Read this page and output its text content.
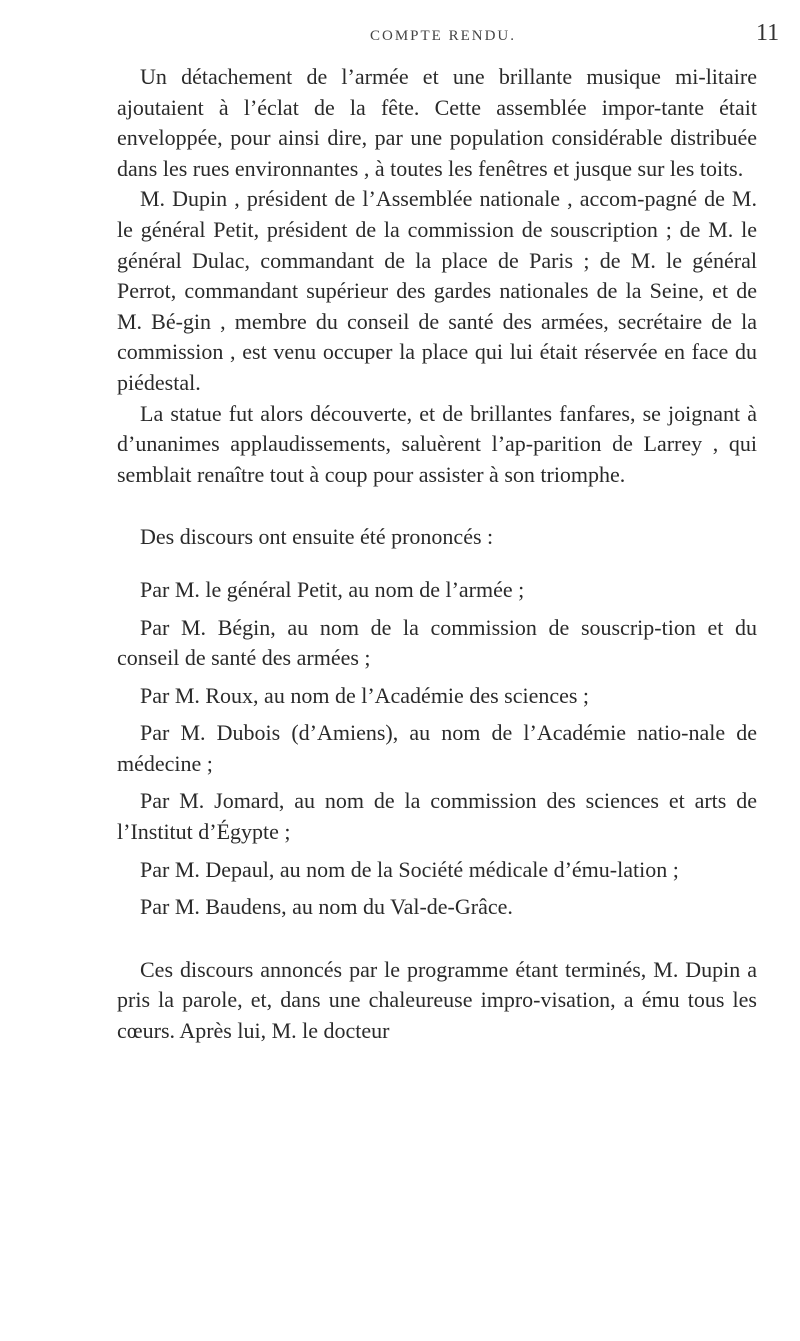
COMPTE RENDU.	11

Un détachement de l’armée et une brillante musique mi-litaire ajoutaient à l’éclat de la fête. Cette assemblée impor-tante était enveloppée, pour ainsi dire, par une population considérable distribuée dans les rues environnantes , à toutes les fenêtres et jusque sur les toits.

M. Dupin , président de l’Assemblée nationale , accom-pagné de M. le général Petit, président de la commission de souscription ; de M. le général Dulac, commandant de la place de Paris ; de M. le général Perrot, commandant supérieur des gardes nationales de la Seine, et de M. Bé-gin , membre du conseil de santé des armées, secrétaire de la commission , est venu occuper la place qui lui était réservée en face du piédestal.

La statue fut alors découverte, et de brillantes fanfares, se joignant à d’unanimes applaudissements, saluèrent l’ap-parition de Larrey , qui semblait renaître tout à coup pour assister à son triomphe.

Des discours ont ensuite été prononcés :

Par M. le général Petit, au nom de l’armée ;

Par M. Bégin, au nom de la commission de souscrip-tion et du conseil de santé des armées ;

Par M. Roux, au nom de l’Académie des sciences ;

Par M. Dubois (d’Amiens), au nom de l’Académie natio-nale de médecine ;

Par M. Jomard, au nom de la commission des sciences et arts de l’Institut d’Égypte ;

Par M. Depaul, au nom de la Société médicale d’ému-lation ;

Par M. Baudens, au nom du Val-de-Grâce.

Ces discours annoncés par le programme étant terminés, M. Dupin a pris la parole, et, dans une chaleureuse impro-visation, a ému tous les cœurs. Après lui, M. le docteur
